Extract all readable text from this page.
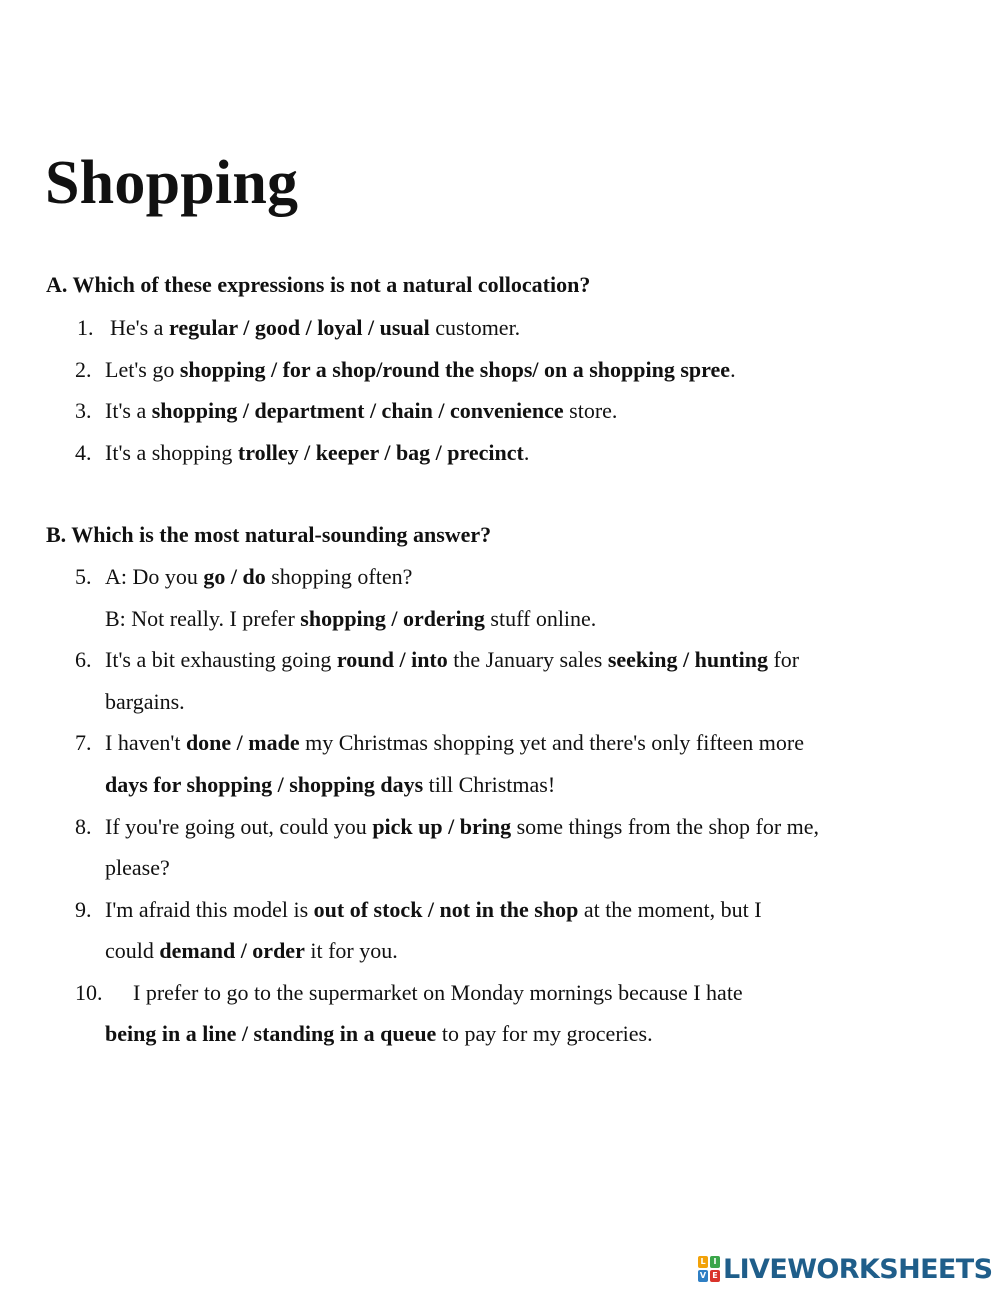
Shopping
A. Which of these expressions is not a natural collocation?
1. He's a regular / good / loyal / usual customer.
2. Let's go shopping / for a shop/round the shops/ on a shopping spree.
3. It's a shopping / department / chain / convenience store.
4. It's a shopping trolley / keeper / bag / precinct.
B. Which is the most natural-sounding answer?
5. A: Do you go / do shopping often?
B: Not really. I prefer shopping / ordering stuff online.
6. It's a bit exhausting going round / into the January sales seeking / hunting for
bargains.
7. I haven't done / made my Christmas shopping yet and there's only fifteen more
days for shopping / shopping days till Christmas!
8. If you're going out, could you pick up / bring some things from the shop for me,
please?
9. I'm afraid this model is out of stock / not in the shop at the moment, but I
could demand / order it for you.
10. I prefer to go to the supermarket on Monday mornings because I hate
being in a line / standing in a queue to pay for my groceries.
L I
V E LIVEWORKSHEETS
